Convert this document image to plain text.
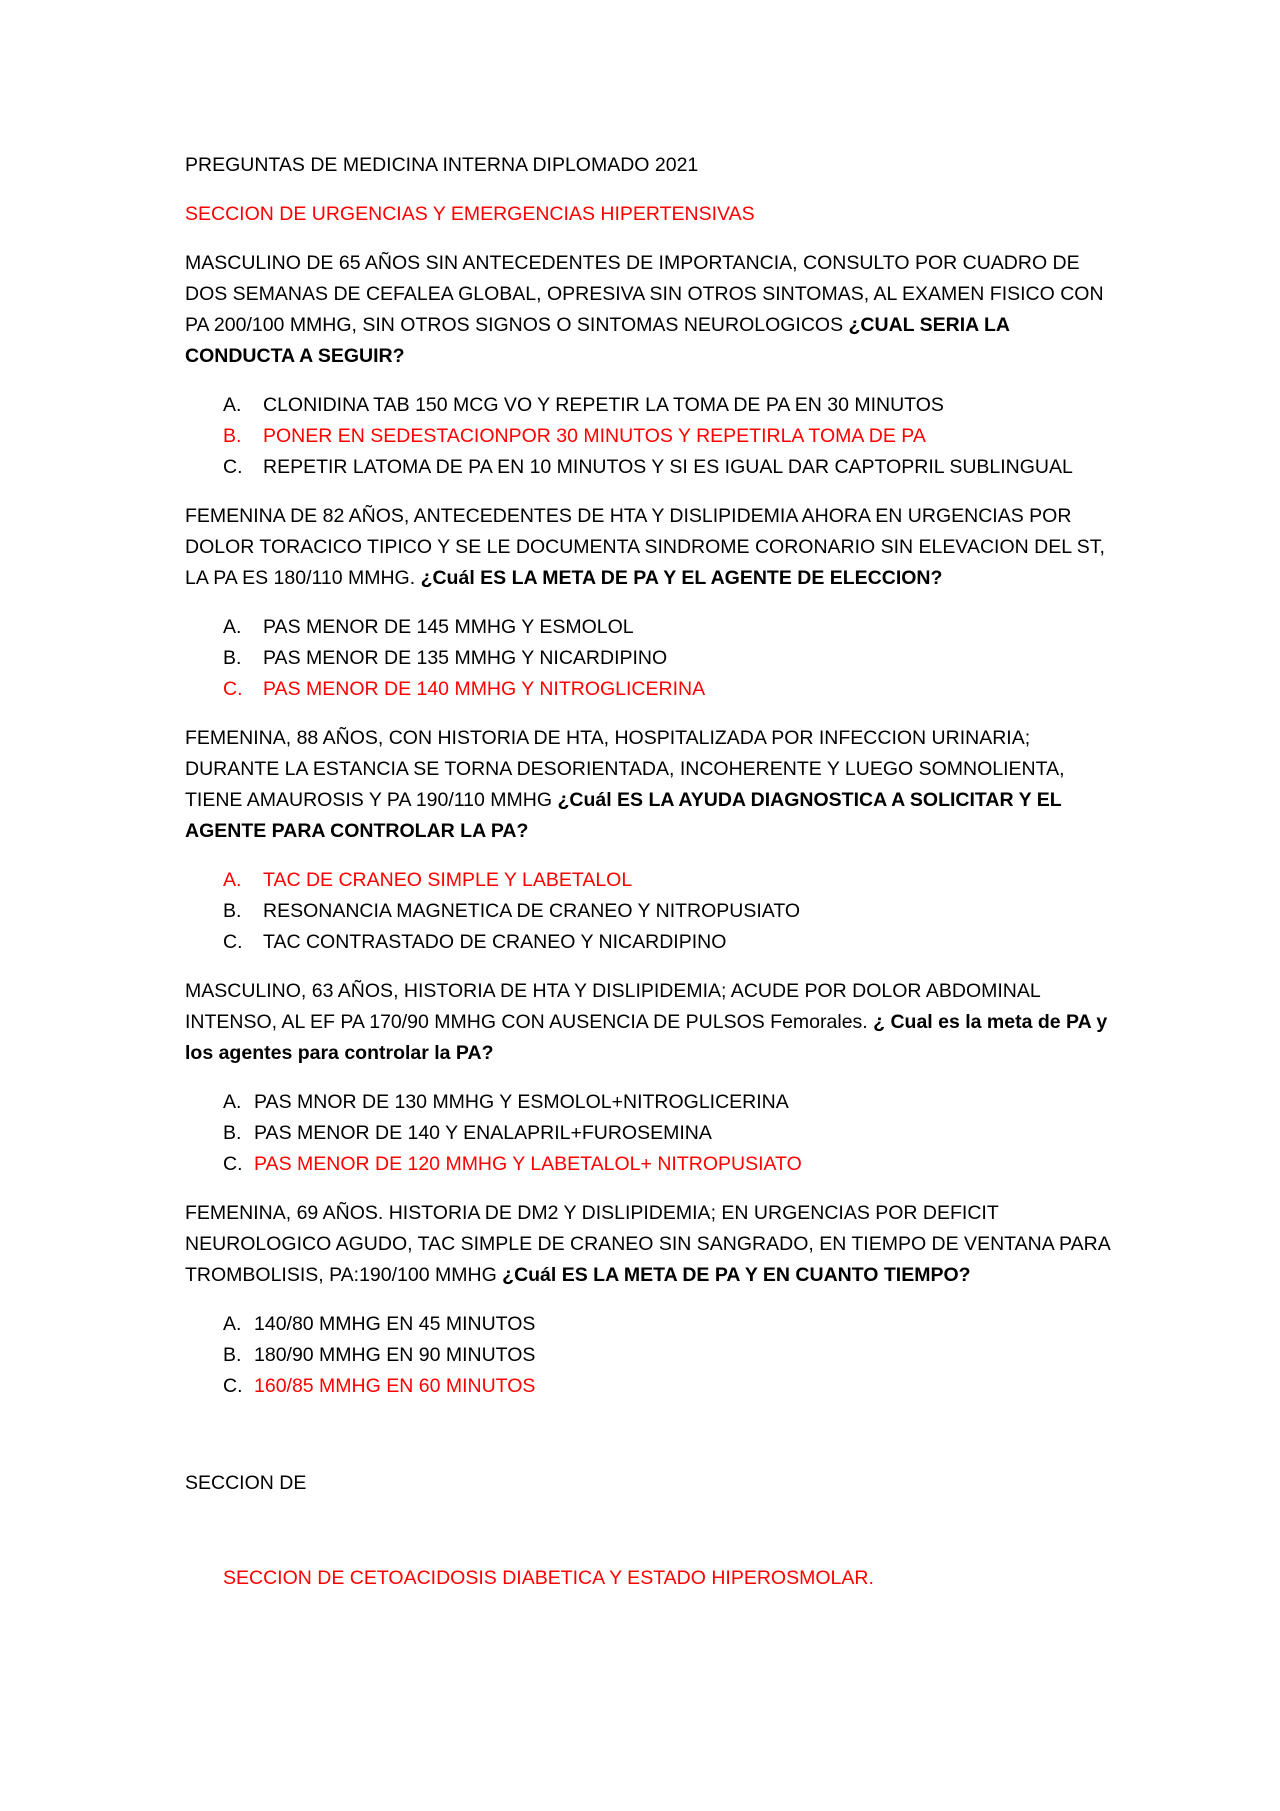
PREGUNTAS DE MEDICINA INTERNA DIPLOMADO 2021

SECCION DE URGENCIAS Y EMERGENCIAS HIPERTENSIVAS

MASCULINO DE 65 AÑOS SIN ANTECEDENTES DE IMPORTANCIA, CONSULTO POR CUADRO DE DOS SEMANAS DE CEFALEA GLOBAL, OPRESIVA SIN OTROS SINTOMAS, AL EXAMEN FISICO CON PA 200/100 MMHG, SIN OTROS SIGNOS O SINTOMAS NEUROLOGICOS ¿CUAL SERIA LA CONDUCTA A SEGUIR?

A.	CLONIDINA TAB 150 MCG VO Y REPETIR LA TOMA DE PA EN 30 MINUTOS
B.	PONER EN SEDESTACIONPOR 30 MINUTOS Y REPETIRLA TOMA DE PA
C.	REPETIR LATOMA DE PA EN 10 MINUTOS Y SI ES IGUAL DAR CAPTOPRIL SUBLINGUAL

FEMENINA DE 82 AÑOS, ANTECEDENTES DE HTA Y DISLIPIDEMIA AHORA EN URGENCIAS POR DOLOR TORACICO TIPICO Y SE LE DOCUMENTA SINDROME CORONARIO SIN ELEVACION DEL ST, LA PA ES 180/110 MMHG. ¿Cuál ES LA META DE PA Y EL AGENTE DE ELECCION?

A.	PAS MENOR DE 145 MMHG Y ESMOLOL
B.	PAS MENOR DE 135 MMHG Y NICARDIPINO
C.	PAS MENOR DE 140 MMHG Y NITROGLICERINA

FEMENINA, 88 AÑOS, CON HISTORIA DE HTA, HOSPITALIZADA POR INFECCION URINARIA; DURANTE LA ESTANCIA SE TORNA DESORIENTADA, INCOHERENTE Y LUEGO SOMNOLIENTA, TIENE AMAUROSIS Y PA 190/110 MMHG ¿Cuál ES LA AYUDA DIAGNOSTICA A SOLICITAR Y EL AGENTE PARA CONTROLAR LA PA?

A.	TAC DE CRANEO SIMPLE Y LABETALOL
B.	RESONANCIA MAGNETICA DE CRANEO Y NITROPUSIATO
C.	TAC CONTRASTADO DE CRANEO Y NICARDIPINO

MASCULINO, 63 AÑOS, HISTORIA DE HTA Y DISLIPIDEMIA; ACUDE POR DOLOR ABDOMINAL INTENSO, AL EF PA 170/90 MMHG CON AUSENCIA DE PULSOS Femorales. ¿ Cual es la meta de PA y los agentes para controlar la PA?

A. PAS MNOR DE 130 MMHG Y ESMOLOL+NITROGLICERINA
B. PAS MENOR DE 140 Y ENALAPRIL+FUROSEMINA
C. PAS MENOR DE 120 MMHG Y LABETALOL+ NITROPUSIATO

FEMENINA, 69 AÑOS. HISTORIA DE DM2 Y DISLIPIDEMIA; EN URGENCIAS POR DEFICIT NEUROLOGICO AGUDO, TAC SIMPLE DE CRANEO SIN SANGRADO, EN TIEMPO DE VENTANA PARA TROMBOLISIS, PA:190/100 MMHG ¿Cuál ES LA META DE PA Y EN CUANTO TIEMPO?

A. 140/80 MMHG EN 45 MINUTOS
B. 180/90 MMHG EN 90 MINUTOS
C. 160/85 MMHG EN 60 MINUTOS

SECCION DE

SECCION DE CETOACIDOSIS DIABETICA Y ESTADO HIPEROSMOLAR.
